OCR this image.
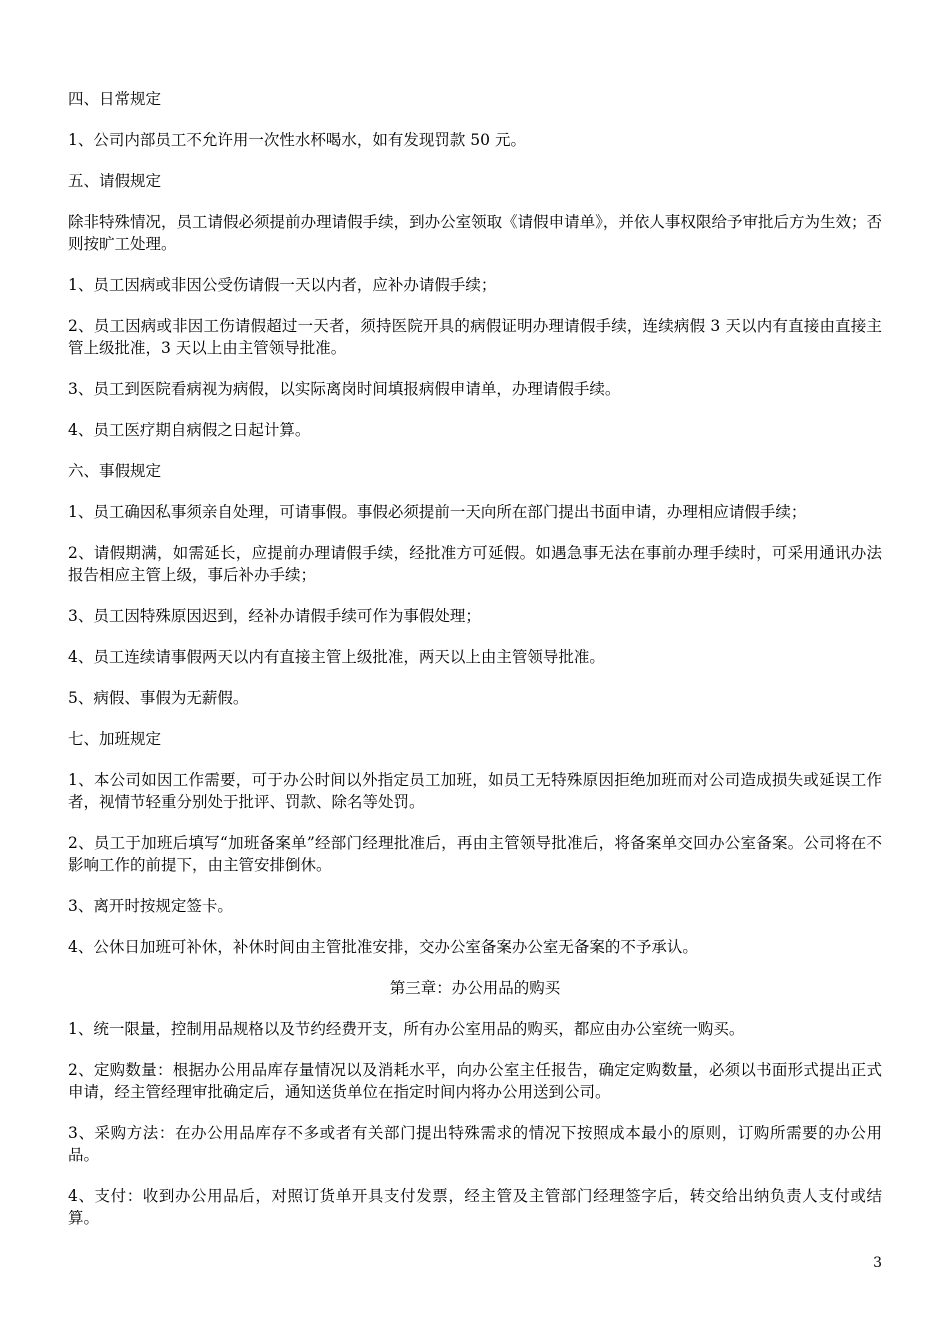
四、日常规定

1、公司内部员工不允许用一次性水杯喝水，如有发现罚款 50 元。

五、请假规定

除非特殊情况，员工请假必须提前办理请假手续，到办公室领取《请假申请单》，并依人事权限给予审批后方为生效；否则按旷工处理。

1、员工因病或非因公受伤请假一天以内者，应补办请假手续；

2、员工因病或非因工伤请假超过一天者，须持医院开具的病假证明办理请假手续，连续病假 3 天以内有直接由直接主管上级批准，3 天以上由主管领导批准。

3、员工到医院看病视为病假，以实际离岗时间填报病假申请单，办理请假手续。

4、员工医疗期自病假之日起计算。

六、事假规定

1、员工确因私事须亲自处理，可请事假。事假必须提前一天向所在部门提出书面申请，办理相应请假手续；

2、请假期满，如需延长，应提前办理请假手续，经批准方可延假。如遇急事无法在事前办理手续时，可采用通讯办法报告相应主管上级，事后补办手续；

3、员工因特殊原因迟到，经补办请假手续可作为事假处理；

4、员工连续请事假两天以内有直接主管上级批准，两天以上由主管领导批准。

5、病假、事假为无薪假。

七、加班规定

1、本公司如因工作需要，可于办公时间以外指定员工加班，如员工无特殊原因拒绝加班而对公司造成损失或延误工作者，视情节轻重分别处于批评、罚款、除名等处罚。

2、员工于加班后填写“加班备案单”经部门经理批准后，再由主管领导批准后，将备案单交回办公室备案。公司将在不影响工作的前提下，由主管安排倒休。

3、离开时按规定签卡。

4、公休日加班可补休，补休时间由主管批准安排，交办公室备案办公室无备案的不予承认。

第三章：办公用品的购买

1、统一限量，控制用品规格以及节约经费开支，所有办公室用品的购买，都应由办公室统一购买。

2、定购数量：根据办公用品库存量情况以及消耗水平，向办公室主任报告，确定定购数量，必须以书面形式提出正式申请，经主管经理审批确定后，通知送货单位在指定时间内将办公用送到公司。

3、采购方法：在办公用品库存不多或者有关部门提出特殊需求的情况下按照成本最小的原则，订购所需要的办公用品。

4、支付：收到办公用品后，对照订货单开具支付发票，经主管及主管部门经理签字后，转交给出纳负责人支付或结算。

3
